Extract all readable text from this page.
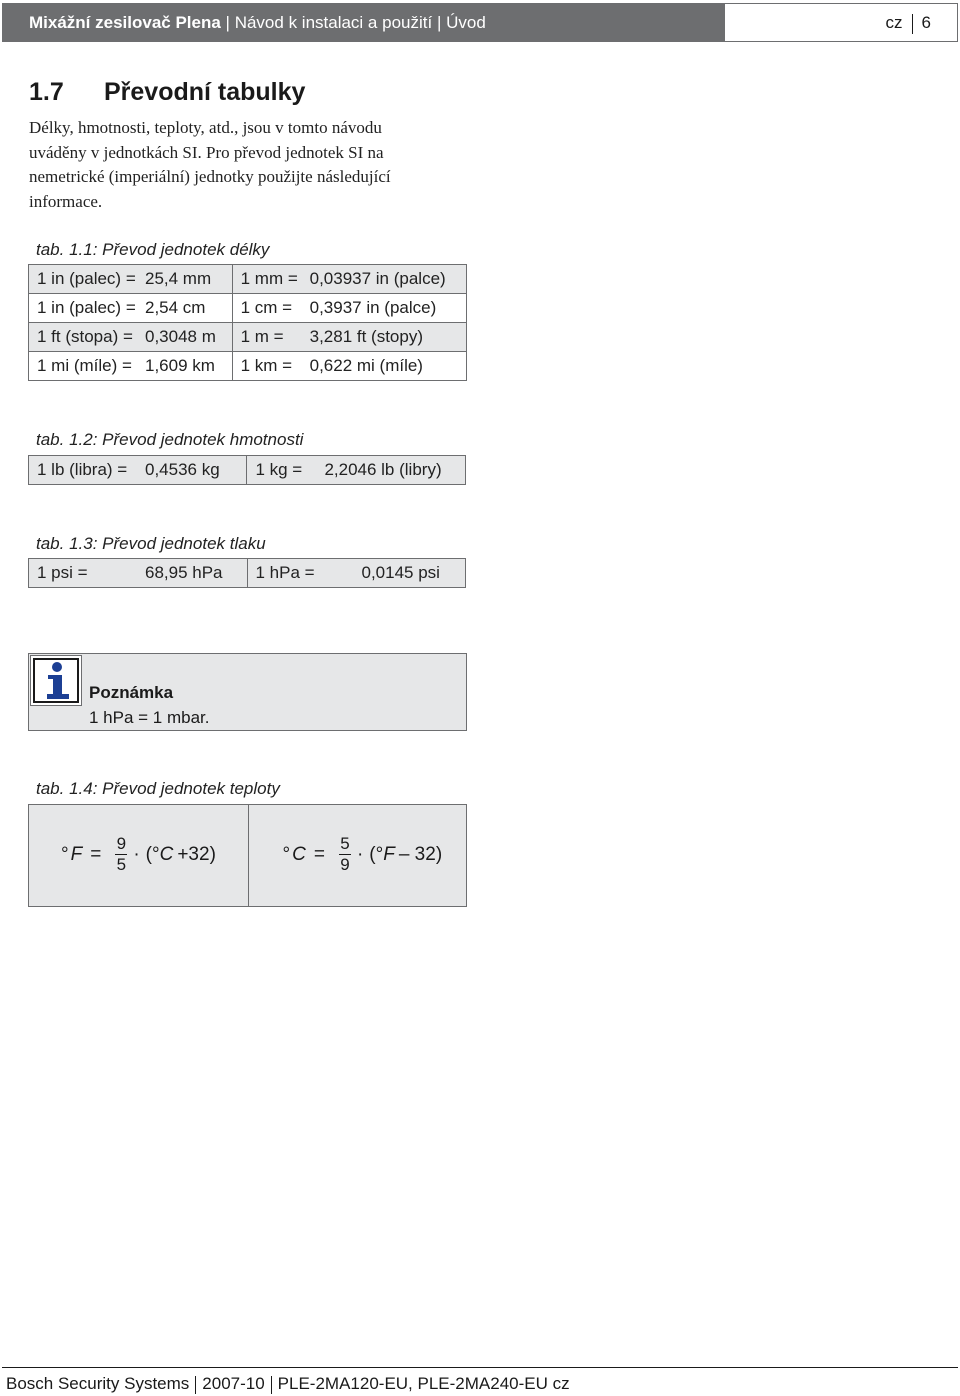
Mixážní zesilovač Plena | Návod k instalaci a použití | Úvod	cz 6
1.7 Převodní tabulky

Délky, hmotnosti, teploty, atd., jsou v tomto návodu uváděny v jednotkách SI. Pro převod jednotek SI na nemetrické (imperiální) jednotky použijte následující informace.

tab. 1.1: Převod jednotek délky
1 in (palec) = 25,4 mm	1 mm = 0,03937 in (palce)
1 in (palec) = 2,54 cm	1 cm = 0,3937 in (palce)
1 ft (stopa) = 0,3048 m	1 m = 3,281 ft (stopy)
1 mi (míle) = 1,609 km	1 km = 0,622 mi (míle)
tab. 1.2: Převod jednotek hmotnosti
1 lb (libra) = 0,4536 kg	1 kg = 2,2046 lb (libry)
tab. 1.3: Převod jednotek tlaku
1 psi =	68,95 hPa	1 hPa =	0,0145 psi
Poznámka
1 hPa = 1 mbar.
tab. 1.4: Převod jednotek teploty
° $F = \frac{9}{5}$ · ( ° C +32 )	° $C = \frac{5}{9}$ · ( ° F – 32 )
Bosch Security Systems 2007-10 PLE-2MA120-EU, PLE-2MA240-EU cz
